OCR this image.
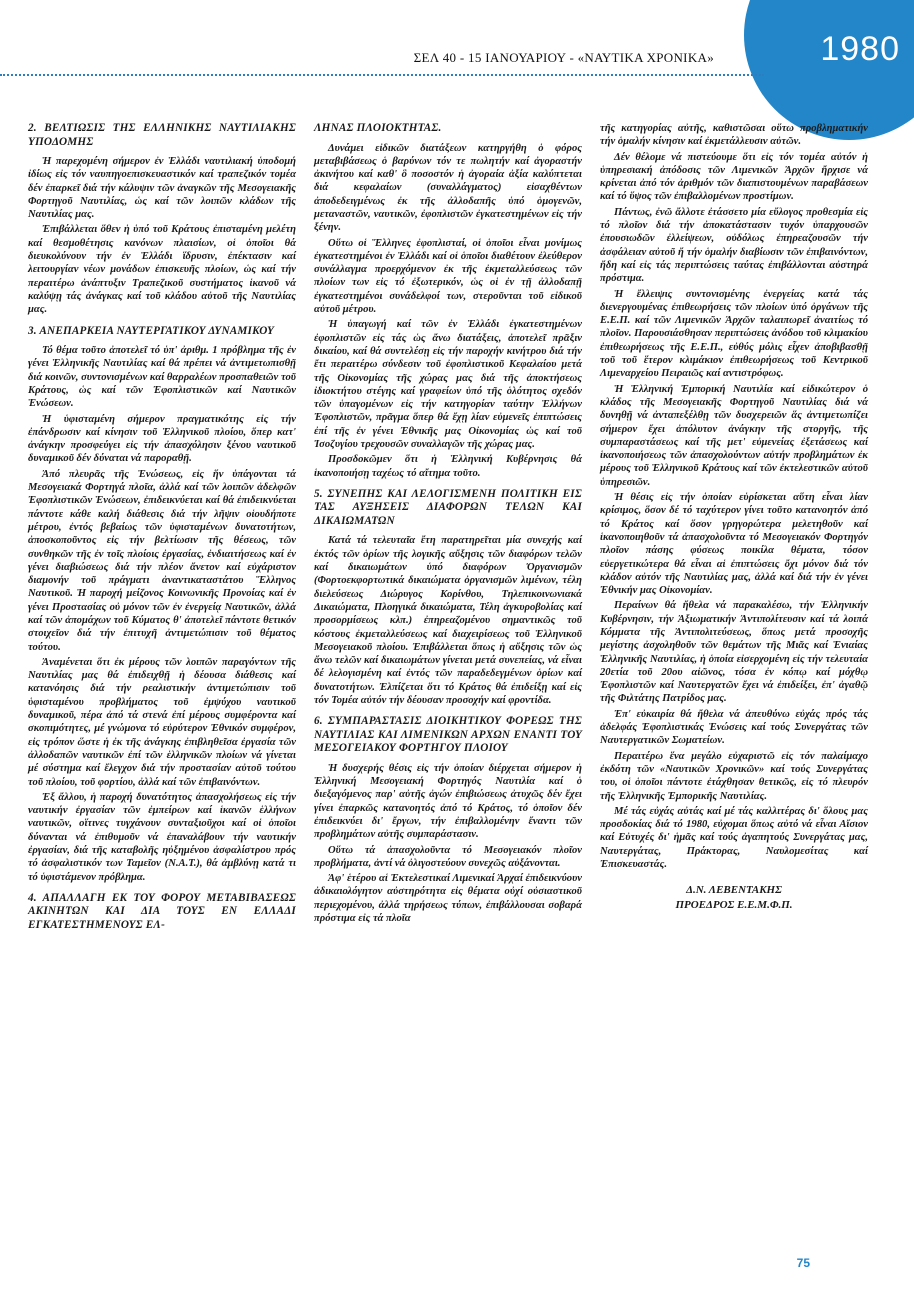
1980
ΣΕΛ 40 - 15 ΙΑΝΟΥΑΡΙΟΥ - «ΝΑΥΤΙΚΑ ΧΡΟΝΙΚΑ»

2. ΒΕΛΤΙΩΣΙΣ ΤΗΣ ΕΛΛΗΝΙΚΗΣ ΝΑΥΤΙΛΙΑΚΗΣ ΥΠΟΔΟΜΗΣ

Ἡ παρεχομένη σήμερον ἐν Ἑλλάδι ναυτιλιακή ὑποδομή ἰδίως εἰς τόν ναυπηγοεπισκευαστικόν καί τραπεζικόν τομέα δέν ἐπαρκεῖ διά τήν κάλυψιν τῶν ἀναγκῶν τῆς Μεσογειακῆς Φορτηγοῦ Ναυτιλίας, ὡς καί τῶν λοιπῶν κλάδων τῆς Ναυτιλίας μας.

Ἐπιβάλλεται ὅθεν ἡ ὑπό τοῦ Κράτους ἐπισταμένη μελέτη καί θεσμοθέτησις κανόνων πλαισίων, οἱ ὁποῖοι θά διευκολύνουν τήν ἐν Ἑλλάδι ἵδρυσιν, ἐπέκτασιν καί λειτουργίαν νέων μονάδων ἐπισκευῆς πλοίων, ὡς καί τήν περαιτέρω ἀνάπτυξιν Τραπεζικοῦ συστήματος ἱκανοῦ νά καλύψῃ τάς ἀνάγκας καί τοῦ κλάδου αὐτοῦ τῆς Ναυτιλίας μας.

3. ΑΝΕΠΑΡΚΕΙΑ ΝΑΥΤΕΡΓΑΤΙΚΟΥ ΔΥΝΑΜΙΚΟΥ

Τό θέμα τοῦτο ἀποτελεῖ τό ὑπ' ἀριθμ. 1 πρόβλημα τῆς ἐν γένει Ἑλληνικῆς Ναυτιλίας καί θά πρέπει νά ἀντιμετωπισθῇ διά κοινῶν, συντονισμένων καί θαρραλέων προσπαθειῶν τοῦ Κράτους, ὡς καί τῶν Ἐφοπλιστικῶν καί Ναυτικῶν Ἑνώσεων.

Ἡ ὑφισταμένη σήμερον πραγματικότης εἰς τήν ἐπάνδρωσιν καί κίνησιν τοῦ Ἑλληνικοῦ πλοίου, ὅπερ κατ' ἀνάγκην προσφεύγει εἰς τήν ἀπασχόλησιν ξένου ναυτικοῦ δυναμικοῦ δέν δύναται νά παροραθῇ.

Ἀπό πλευρᾶς τῆς Ἑνώσεως, εἰς ἥν ὑπάγονται τά Μεσογειακά Φορτηγά πλοῖα, ἀλλά καί τῶν λοιπῶν ἀδελφῶν Ἐφοπλιστικῶν Ἑνώσεων, ἐπιδεικνύεται καί θά ἐπιδεικνύεται πάντοτε κάθε καλή διάθεσις διά τήν λῆψιν οἱουδήποτε μέτρου, ἐντός βεβαίως τῶν ὑφισταμένων δυνατοτήτων, ἀποσκοποῦντος εἰς τήν βελτίωσιν τῆς θέσεως, τῶν συνθηκῶν τῆς ἐν τοῖς πλοίοις ἐργασίας, ἐνδιαιτήσεως καί ἐν γένει διαβιώσεως διά τήν πλέον ἄνετον καί εὐχάριστον διαμονήν τοῦ πράγματι ἀναντικαταστάτου Ἕλληνος Ναυτικοῦ. Ἡ παροχή μείζονος Κοινωνικῆς Προνοίας καί ἐν γένει Προστασίας οὐ μόνον τῶν ἐν ἐνεργείᾳ Ναυτικῶν, ἀλλά καί τῶν ἀπομάχων τοῦ Κύματος θ' ἀποτελεῖ πάντοτε θετικόν στοιχεῖον διά τήν ἐπιτυχῆ ἀντιμετώπισιν τοῦ θέματος τούτου.

Ἀναμένεται ὅτι ἐκ μέρους τῶν λοιπῶν παραγόντων τῆς Ναυτιλίας μας θά ἐπιδειχθῇ ἡ δέουσα διάθεσις καί κατανόησις διά τήν ρεαλιστικήν ἀντιμετώπισιν τοῦ ὑφισταμένου προβλήματος τοῦ ἐμψύχου ναυτικοῦ δυναμικοῦ, πέρα ἀπό τά στενά ἐπί μέρους συμφέροντα καί σκοπιμότητες, μέ γνώμονα τό εὐρύτερον Ἐθνικόν συμφέρον, εἰς τρόπον ὥστε ἡ ἐκ τῆς ἀνάγκης ἐπιβληθεῖσα ἐργασία τῶν ἀλλοδαπῶν ναυτικῶν ἐπί τῶν ἑλληνικῶν πλοίων νά γίνεται μέ σύστημα καί ἔλεγχον διά τήν προστασίαν αὐτοῦ τούτου τοῦ πλοίου, τοῦ φορτίου, ἀλλά καί τῶν ἐπιβαινόντων.

Ἐξ ἄλλου, ἡ παροχή δυνατότητος ἀπασχολήσεως εἰς τήν ναυτικήν ἐργασίαν τῶν ἐμπείρων καί ἱκανῶν ἑλλήνων ναυτικῶν, οἵτινες τυγχάνουν συνταξιοῦχοι καί οἱ ὁποῖοι δύνανται νά ἐπιθυμοῦν νά ἐπαναλάβουν τήν ναυτικήν ἐργασίαν, διά τῆς καταβολῆς ηὐξημένου ἀσφαλίστρου πρός τό ἀσφαλιστικόν των Ταμεῖον (Ν.Α.Τ.), θά ἀμβλύνῃ κατά τι τό ὑφιστάμενον πρόβλημα.

4. ΑΠΑΛΛΑΓΗ ΕΚ ΤΟΥ ΦΟΡΟΥ ΜΕΤΑΒΙΒΑΣΕΩΣ ΑΚΙΝΗΤΩΝ ΚΑΙ ΔΙΑ ΤΟΥΣ ΕΝ ΕΛΛΑΔΙ ΕΓΚΑΤΕΣΤΗΜΕΝΟΥΣ ΕΛ-

ΛΗΝΑΣ ΠΛΟΙΟΚΤΗΤΑΣ.

Δυνάμει εἰδικῶν διατάξεων κατηργήθη ὁ φόρος μεταβιβάσεως ὁ βαρύνων τόν τε πωλητήν καί ἀγοραστήν ἀκινήτου καί καθ' ὃ ποσοστόν ἡ ἀγοραία ἀξία καλύπτεται διά κεφαλαίων (συναλλάγματος) εἰσαχθέντων ἀποδεδειγμένως ἐκ τῆς ἀλλοδαπῆς ὑπό ὁμογενῶν, μεταναστῶν, ναυτικῶν, ἐφοπλιστῶν ἐγκατεστημένων εἰς τήν ξένην.

Οὕτω οἱ Ἕλληνες ἐφοπλισταί, οἱ ὁποῖοι εἶναι μονίμως ἐγκατεστημένοι ἐν Ἑλλάδι καί οἱ ὁποῖοι διαθέτουν ἐλεύθερον συνάλλαγμα προερχόμενον ἐκ τῆς ἐκμεταλλεύσεως τῶν πλοίων των εἰς τό ἐξωτερικόν, ὡς οἱ ἐν τῇ ἀλλοδαπῇ ἐγκατεστημένοι συνάδελφοί των, στεροῦνται τοῦ εἰδικοῦ αὐτοῦ μέτρου.

Ἡ ὑπαγωγή καί τῶν ἐν Ἑλλάδι ἐγκατεστημένων ἐφοπλιστῶν εἰς τάς ὡς ἄνω διατάξεις, ἀποτελεῖ πρᾶξιν δικαίου, καί θά συντελέσῃ εἰς τήν παροχήν κινήτρου διά τήν ἔτι περαιτέρω σύνδεσιν τοῦ ἐφοπλιστικοῦ Κεφαλαίου μετά τῆς Οἰκονομίας τῆς χώρας μας διά τῆς ἀποκτήσεως ἰδιοκτήτου στέγης καί γραφείων ὑπό τῆς ὁλότητος σχεδόν τῶν ὑπαγομένων εἰς τήν κατηγορίαν ταύτην Ἑλλήνων Ἐφοπλιστῶν, πρᾶγμα ὅπερ θά ἔχῃ λίαν εὐμενεῖς ἐπιπτώσεις ἐπί τῆς ἐν γένει Ἐθνικῆς μας Οἰκονομίας ὡς καί τοῦ Ἰσοζυγίου τρεχουσῶν συναλλαγῶν τῆς χώρας μας.

Προσδοκῶμεν ὅτι ἡ Ἑλληνική Κυβέρνησις θά ἱκανοποιήσῃ ταχέως τό αἴτημα τοῦτο.

5. ΣΥΝΕΠΗΣ ΚΑΙ ΛΕΛΟΓΙΣΜΕΝΗ ΠΟΛΙΤΙΚΗ ΕΙΣ ΤΑΣ ΑΥΞΗΣΕΙΣ ΔΙΑΦΟΡΩΝ ΤΕΛΩΝ ΚΑΙ ΔΙΚΑΙΩΜΑΤΩΝ

Κατά τά τελευταῖα ἔτη παρατηρεῖται μία συνεχής καί ἐκτός τῶν ὁρίων τῆς λογικῆς αὔξησις τῶν διαφόρων τελῶν καί δικαιωμάτων ὑπό διαφόρων Ὀργανισμῶν (Φορτοεκφορτωτικά δικαιώματα ὀργανισμῶν λιμένων, τέλη διελεύσεως Διώρυγος Κορίνθου, Τηλεπικοινωνιακά Δικαιώματα, Πλοηγικά δικαιώματα, Τέλη ἀγκυροβολίας καί προσορμίσεως κλπ.) ἐπηρεαζομένου σημαντικῶς τοῦ κόστους ἐκμεταλλεύσεως καί διαχειρίσεως τοῦ Ἑλληνικοῦ Μεσογειακοῦ πλοίου. Ἐπιβάλλεται ὅπως ἡ αὔξησις τῶν ὡς ἄνω τελῶν καί δικαιωμάτων γίνεται μετά συνεπείας, νά εἶναι δέ λελογισμένη καί ἐντός τῶν παραδεδεγμένων ὁρίων καί δυνατοτήτων. Ἐλπίζεται ὅτι τό Κράτος θά ἐπιδείξῃ καί εἰς τόν Τομέα αὐτόν τήν δέουσαν προσοχήν καί φροντίδα.

6. ΣΥΜΠΑΡΑΣΤΑΣΙΣ ΔΙΟΙΚΗΤΙΚΟΥ ΦΟΡΕΩΣ ΤΗΣ ΝΑΥΤΙΛΙΑΣ ΚΑΙ ΛΙΜΕΝΙΚΩΝ ΑΡΧΩΝ ΕΝΑΝΤΙ ΤΟΥ ΜΕΣΟΓΕΙΑΚΟΥ ΦΟΡΤΗΓΟΥ ΠΛΟΙΟΥ

Ἡ δυσχερής θέσις εἰς τήν ὁποίαν διέρχεται σήμερον ἡ Ἑλληνική Μεσογειακή Φορτηγός Ναυτιλία καί ὁ διεξαγόμενος παρ' αὐτῆς ἀγών ἐπιβιώσεως ἀτυχῶς δέν ἔχει γίνει ἐπαρκῶς κατανοητός ἀπό τό Κράτος, τό ὁποῖον δέν ἐπιδεικνύει δι' ἔργων, τήν ἐπιβαλλομένην ἔναντι τῶν προβλημάτων αὐτῆς συμπαράστασιν.

Οὕτω τά ἀπασχολοῦντα τό Μεσογειακόν πλοῖον προβλήματα, ἀντί νά ὀλιγοστεύουν συνεχῶς αὐξάνονται.

Ἀφ' ἑτέρου αἱ Ἐκτελεστικαί Λιμενικαί Ἀρχαί ἐπιδεικνύουν ἀδικαιολόγητον αὐστηρότητα εἰς θέματα οὐχί οὐσιαστικοῦ περιεχομένου, ἀλλά τηρήσεως τύπων, ἐπιβάλλουσαι σοβαρά πρόστιμα εἰς τά πλοῖα

τῆς κατηγορίας αὐτῆς, καθιστῶσαι οὕτω προβληματικήν τήν ὁμαλήν κίνησιν καί ἐκμετάλλευσιν αὐτῶν.

Δέν θέλομε νά πιστεύουμε ὅτι εἰς τόν τομέα αὐτόν ἡ ὑπηρεσιακή ἀπόδοσις τῶν Λιμενικῶν Ἀρχῶν ἤρχισε νά κρίνεται ἀπό τόν ἀριθμόν τῶν διαπιστουμένων παραβάσεων καί τό ὕψος τῶν ἐπιβαλλομένων προστίμων.

Πάντως, ἐνῶ ἄλλοτε ἐτάσσετο μία εὔλογος προθεσμία εἰς τό πλοῖον διά τήν ἀποκατάστασιν τυχόν ὑπαρχουσῶν ἐπουσιωδῶν ἐλλείψεων, οὐδόλως ἐπηρεαζουσῶν τήν ἀσφάλειαν αὐτοῦ ἤ τήν ὁμαλήν διαβίωσιν τῶν ἐπιβαινόντων, ἤδη καί εἰς τάς περιπτώσεις ταύτας ἐπιβάλλονται αὐστηρά πρόστιμα.

Ἡ ἔλλειψις συντονισμένης ἐνεργείας κατά τάς διενεργουμένας ἐπιθεωρήσεις τῶν πλοίων ὑπό ὀργάνων τῆς Ε.Ε.Π. καί τῶν Λιμενικῶν Ἀρχῶν ταλαιπωρεῖ ἀναιτίως τό πλοῖον. Παρουσιάσθησαν περιπτώσεις ἀνόδου τοῦ κλιμακίου ἐπιθεωρήσεως τῆς Ε.Ε.Π., εὐθύς μόλις εἶχεν ἀποβιβασθῇ τοῦ τοῦ ἕτερον κλιμάκιον ἐπιθεωρήσεως τοῦ Κεντρικοῦ Λιμεναρχείου Πειραιῶς καί αντιστρόφως.

Ἡ Ἑλληνική Ἐμπορική Ναυτιλία καί εἰδικώτερον ὁ κλάδος τῆς Μεσογειακῆς Φορτηγοῦ Ναυτιλίας διά νά δυνηθῇ νά ἀνταπεξέλθῃ τῶν δυσχερειῶν ἅς ἀντιμετωπίζει σήμερον ἔχει ἀπόλυτον ἀνάγκην τῆς στοργῆς, τῆς συμπαραστάσεως καί τῆς μετ' εὐμενείας ἐξετάσεως καί ἱκανοποιήσεως τῶν ἀπασχολούντων αὐτήν προβλημάτων ἐκ μέρους τοῦ Ἑλληνικοῦ Κράτους καί τῶν ἐκτελεστικῶν αὐτοῦ ὑπηρεσιῶν.

Ἡ θέσις εἰς τήν ὁποίαν εὑρίσκεται αὕτη εἶναι λίαν κρίσιμος, ὅσον δέ τό ταχύτερον γίνει τοῦτο κατανοητόν ἀπό τό Κράτος καί ὅσον γρηγορώτερα μελετηθοῦν καί ἱκανοποιηθοῦν τά ἀπασχολοῦντα τό Μεσογειακόν Φορτηγόν πλοῖον πάσης φύσεως ποικίλα θέματα, τόσον εὐεργετικώτερα θά εἶναι αἱ ἐπιπτώσεις ὄχι μόνον διά τόν κλάδον αὐτόν τῆς Ναυτιλίας μας, ἀλλά καί διά τήν ἐν γένει Ἐθνικήν μας Οἰκονομίαν.

Περαίνων θά ἤθελα νά παρακαλέσω, τήν Ἑλληνικήν Κυβέρνησιν, τήν Ἀξιωματικήν Ἀντιπολίτευσιν καί τά λοιπά Κόμματα τῆς Ἀντιπολιτεύσεως, ὅπως μετά προσοχῆς μεγίστης ἀσχοληθοῦν τῶν θεμάτων τῆς Μιᾶς καί Ἑνιαίας Ἑλληνικῆς Ναυτιλίας, ἡ ὁποία εἰσερχομένη εἰς τήν τελευταία 20ετία τοῦ 20ου αἰῶνος, τόσα ἐν κόπῳ καί μόχθῳ Ἐφοπλιστῶν καί Ναυτεργατῶν ἔχει νά ἐπιδείξει, ἐπ' ἀγαθῷ τῆς Φιλτάτης Πατρίδος μας.

Ἐπ' εὐκαιρία θά ἤθελα νά ἀπευθύνω εὐχάς πρός τάς ἀδελφάς Ἐφοπλιστικάς Ἑνώσεις καί τούς Συνεργάτας τῶν Ναυτεργατικῶν Σωματείων.

Περαιτέρω ἕνα μεγάλο εὐχαριστῶ εἰς τόν παλαίμαχο ἐκδότη τῶν «Ναυτικῶν Χρονικῶν» καί τούς Συνεργάτας του, οἱ ὁποῖοι πάντοτε ἐτάχθησαν θετικῶς, εἰς τό πλευρόν τῆς Ἑλληνικῆς Ἐμπορικῆς Ναυτιλίας.

Μέ τάς εὐχάς αὐτάς καί μέ τάς καλλιτέρας δι' ὅλους μας προσδοκίας διά τό 1980, εὐχομαι ὅπως αὐτό νά εἶναι Αἴσιον καί Εὐτυχές δι' ἡμᾶς καί τούς ἀγαπητούς Συνεργάτας μας, Ναυτεργάτας, Πράκτορας, Ναυλομεσίτας καί Ἐπισκευαστάς.

Δ.Ν. ΛΕΒΕΝΤΑΚΗΣ
ΠΡΟΕΔΡΟΣ Ε.Ε.Μ.Φ.Π.
75
